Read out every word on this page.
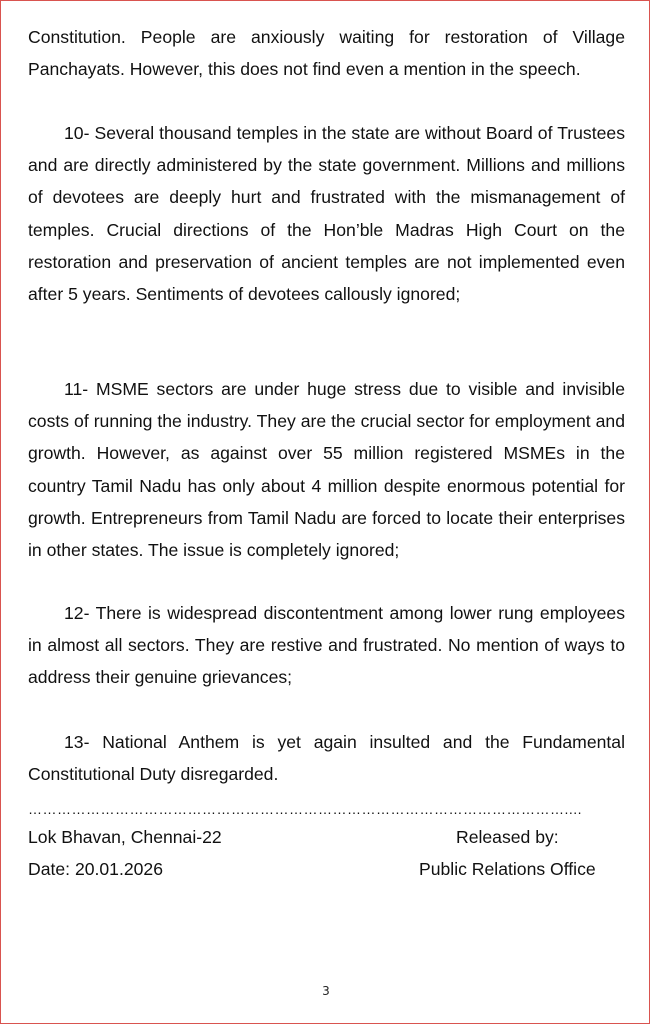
Constitution. People are anxiously waiting for restoration of Village Panchayats. However, this does not find even a mention in the speech.

10- Several thousand temples in the state are without Board of Trustees and are directly administered by the state government. Millions and millions of devotees are deeply hurt and frustrated with the mismanagement of temples. Crucial directions of the Hon’ble Madras High Court on the restoration and preservation of ancient temples are not implemented even after 5 years. Sentiments of devotees callously ignored;

11- MSME sectors are under huge stress due to visible and invisible costs of running the industry. They are the crucial sector for employment and growth. However, as against over 55 million registered MSMEs in the country Tamil Nadu has only about 4 million despite enormous potential for growth. Entrepreneurs from Tamil Nadu are forced to locate their enterprises in other states. The issue is completely ignored;

12- There is widespread discontentment among lower rung employees in almost all sectors. They are restive and frustrated. No mention of ways to address their genuine grievances;

13- National Anthem is yet again insulted and the Fundamental Constitutional Duty disregarded.

…………………………………………………………………………………………………....
Lok Bhavan, Chennai-22	Released by:
Date: 20.01.2026	Public Relations Office
3
